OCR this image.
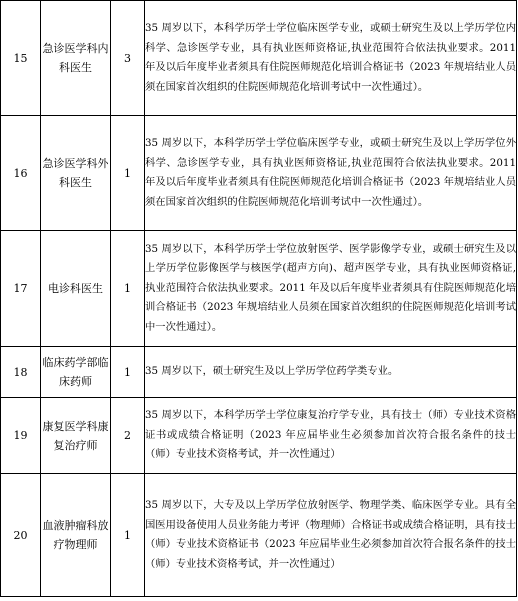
15	急诊医学科内科医生	3	35 周岁以下，本科学历学士学位临床医学专业，或硕士研究生及以上学历学位内科学、急诊医学专业，具有执业医师资格证,执业范围符合依法执业要求。2011 年及以后年度毕业者须具有住院医师规范化培训合格证书（2023 年规培结业人员须在国家首次组织的住院医师规范化培训考试中一次性通过）。
16	急诊医学科外科医生	1	35 周岁以下，本科学历学士学位临床医学专业，或硕士研究生及以上学历学位外科学、急诊医学专业，具有执业医师资格证,执业范围符合依法执业要求。2011 年及以后年度毕业者须具有住院医师规范化培训合格证书（2023 年规培结业人员须在国家首次组织的住院医师规范化培训考试中一次性通过）。
17	电诊科医生	1	35 周岁以下，本科学历学士学位放射医学、医学影像学专业，或硕士研究生及以上学历学位影像医学与核医学(超声方向)、超声医学专业，具有执业医师资格证,执业范围符合依法执业要求。2011 年及以后年度毕业者须具有住院医师规范化培训合格证书（2023 年规培结业人员须在国家首次组织的住院医师规范化培训考试中一次性通过）。
18	临床药学部临床药师	1	35 周岁以下，硕士研究生及以上学历学位药学类专业。
19	康复医学科康复治疗师	2	35 周岁以下，本科学历学士学位康复治疗学专业，具有技士（师）专业技术资格证书或成绩合格证明（2023 年应届毕业生必须参加首次符合报名条件的技士（师）专业技术资格考试，并一次性通过）
20	血液肿瘤科放疗物理师	1	35 周岁以下，大专及以上学历学位放射医学、物理学类、临床医学专业。具有全国医用设备使用人员业务能力考评（物理师）合格证书或成绩合格证明，具有技士（师）专业技术资格证书（2023 年应届毕业生必须参加首次符合报名条件的技士（师）专业技术资格考试，并一次性通过）
